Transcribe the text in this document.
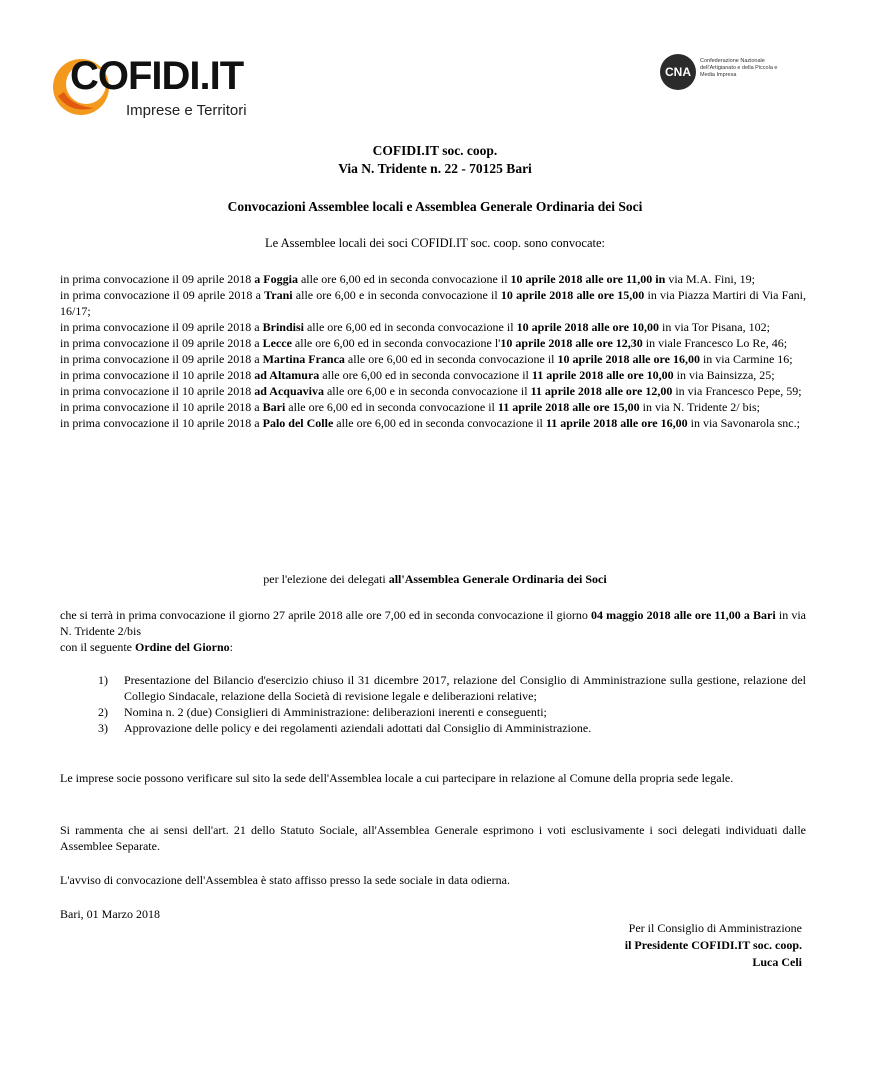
COFIDI.IT
Imprese e Territori
CNA
Confederazione Nazionale dell'Artigianato e della Piccola e Media Impresa
COFIDI.IT soc. coop.
Via N. Tridente n. 22 - 70125 Bari
Convocazioni Assemblee locali e Assemblea Generale Ordinaria dei Soci
Le Assemblee locali dei soci COFIDI.IT soc. coop. sono convocate:

in prima convocazione il 09 aprile 2018 a Foggia alle ore 6,00 ed in seconda convocazione il 10 aprile 2018 alle ore 11,00 in via M.A. Fini, 19;

in prima convocazione il 09 aprile 2018 a Trani alle ore 6,00 e in seconda convocazione il 10 aprile 2018 alle ore 15,00 in via Piazza Martiri di Via Fani, 16/17;

in prima convocazione il 09 aprile 2018 a Brindisi alle ore 6,00 ed in seconda convocazione il 10 aprile 2018 alle ore 10,00 in via Tor Pisana, 102;

in prima convocazione il 09 aprile 2018 a Lecce alle ore 6,00 ed in seconda convocazione l'10 aprile 2018 alle ore 12,30 in viale Francesco Lo Re, 46;

in prima convocazione il 09 aprile 2018 a Martina Franca alle ore 6,00 ed in seconda convocazione il 10 aprile 2018 alle ore 16,00 in via Carmine 16;

in prima convocazione il 10 aprile 2018 ad Altamura alle ore 6,00 ed in seconda convocazione il 11 aprile 2018 alle ore 10,00 in via Bainsizza, 25;

in prima convocazione il 10 aprile 2018 ad Acquaviva alle ore 6,00 e in seconda convocazione il 11 aprile 2018 alle ore 12,00 in via Francesco Pepe, 59;

in prima convocazione il 10 aprile 2018 a Bari alle ore 6,00 ed in seconda convocazione il 11 aprile 2018 alle ore 15,00 in via N. Tridente 2/ bis;

in prima convocazione il 10 aprile 2018 a Palo del Colle alle ore 6,00 ed in seconda convocazione il 11 aprile 2018 alle ore 16,00 in via Savonarola snc.;

per l'elezione dei delegati all'Assemblea Generale Ordinaria dei Soci

che si terrà in prima convocazione il giorno 27 aprile 2018 alle ore 7,00 ed in seconda convocazione il giorno 04 maggio 2018 alle ore 11,00 a Bari in via N. Tridente 2/bis

con il seguente Ordine del Giorno:

1) Presentazione del Bilancio d'esercizio chiuso il 31 dicembre 2017, relazione del Consiglio di Amministrazione sulla gestione, relazione del Collegio Sindacale, relazione della Società di revisione legale e deliberazioni relative;
2) Nomina n. 2 (due) Consiglieri di Amministrazione: deliberazioni inerenti e conseguenti;
3) Approvazione delle policy e dei regolamenti aziendali adottati dal Consiglio di Amministrazione.
Le imprese socie possono verificare sul sito la sede dell'Assemblea locale a cui partecipare in relazione al Comune della propria sede legale.
Si rammenta che ai sensi dell'art. 21 dello Statuto Sociale, all'Assemblea Generale esprimono i voti esclusivamente i soci delegati individuati dalle Assemblee Separate.
L'avviso di convocazione dell'Assemblea è stato affisso presso la sede sociale in data odierna.
Bari, 01 Marzo 2018
Per il Consiglio di Amministrazione
il Presidente COFIDI.IT soc. coop.
Luca Celi
